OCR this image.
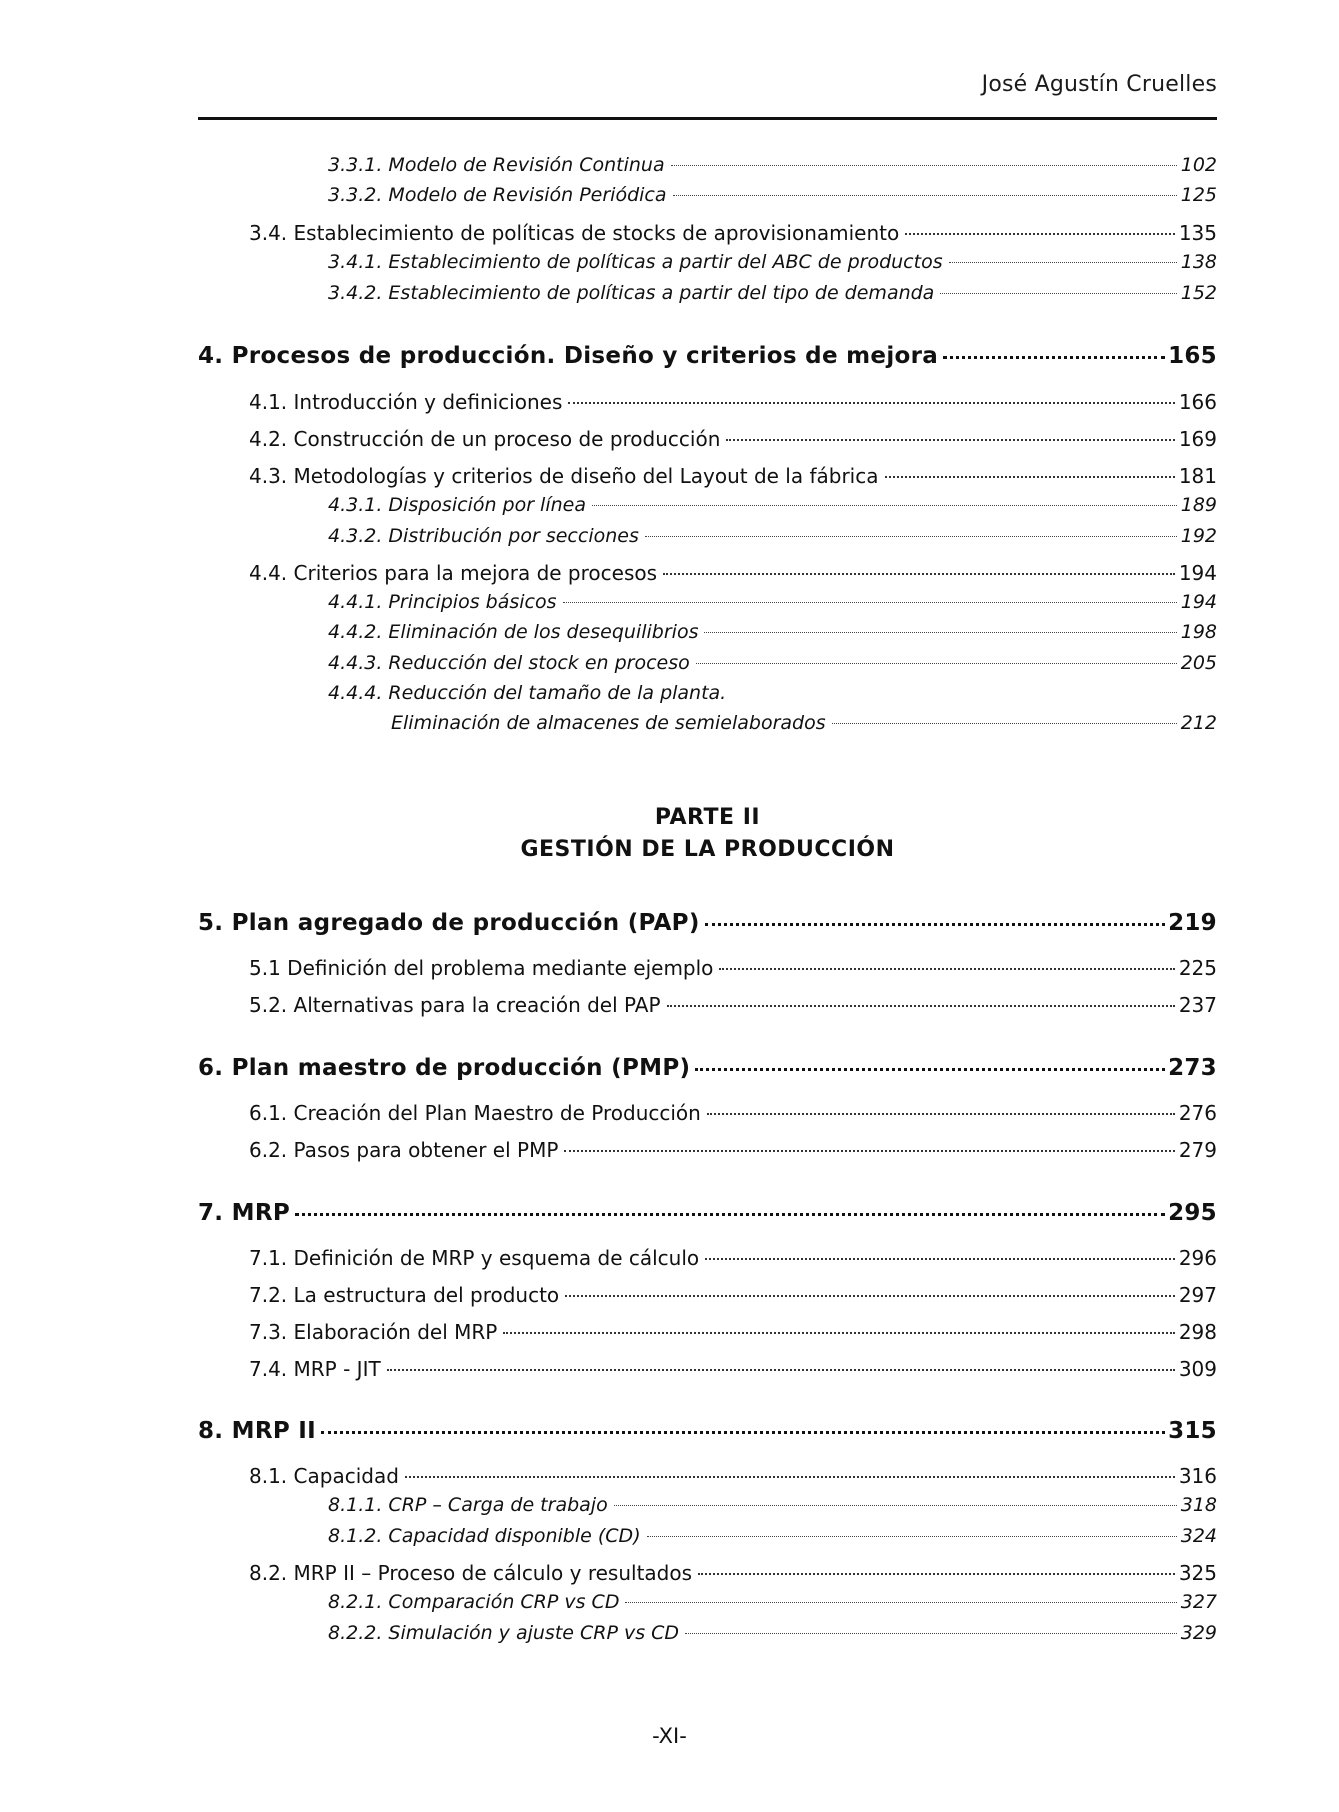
José Agustín Cruelles
3.3.1. Modelo de Revisión Continua	102
3.3.2. Modelo de Revisión Periódica	125
3.4. Establecimiento de políticas de stocks de aprovisionamiento	135
3.4.1. Establecimiento de políticas a partir del ABC de productos	138
3.4.2. Establecimiento de políticas a partir del tipo de demanda	152
4. Procesos de producción. Diseño y criterios de mejora	165
4.1. Introducción y definiciones	166
4.2. Construcción de un proceso de producción	169
4.3. Metodologías y criterios de diseño del Layout de la fábrica	181
4.3.1. Disposición por línea	189
4.3.2. Distribución por secciones	192
4.4. Criterios para la mejora de procesos	194
4.4.1. Principios básicos	194
4.4.2. Eliminación de los desequilibrios	198
4.4.3. Reducción del stock en proceso	205
4.4.4. Reducción del tamaño de la planta.
Eliminación de almacenes de semielaborados	212
PARTE II
GESTIÓN DE LA PRODUCCIÓN
5. Plan agregado de producción (PAP)	219
5.1 Definición del problema mediante ejemplo	225
5.2. Alternativas para la creación del PAP	237
6. Plan maestro de producción (PMP)	273
6.1. Creación del Plan Maestro de Producción	276
6.2. Pasos para obtener el PMP	279
7. MRP	295
7.1. Definición de MRP y esquema de cálculo	296
7.2. La estructura del producto	297
7.3. Elaboración del MRP	298
7.4. MRP - JIT	309
8. MRP II	315
8.1. Capacidad	316
8.1.1. CRP – Carga de trabajo	318
8.1.2. Capacidad disponible (CD)	324
8.2. MRP II – Proceso de cálculo y resultados	325
8.2.1. Comparación CRP vs CD	327
8.2.2. Simulación y ajuste CRP vs CD	329
-XI-
